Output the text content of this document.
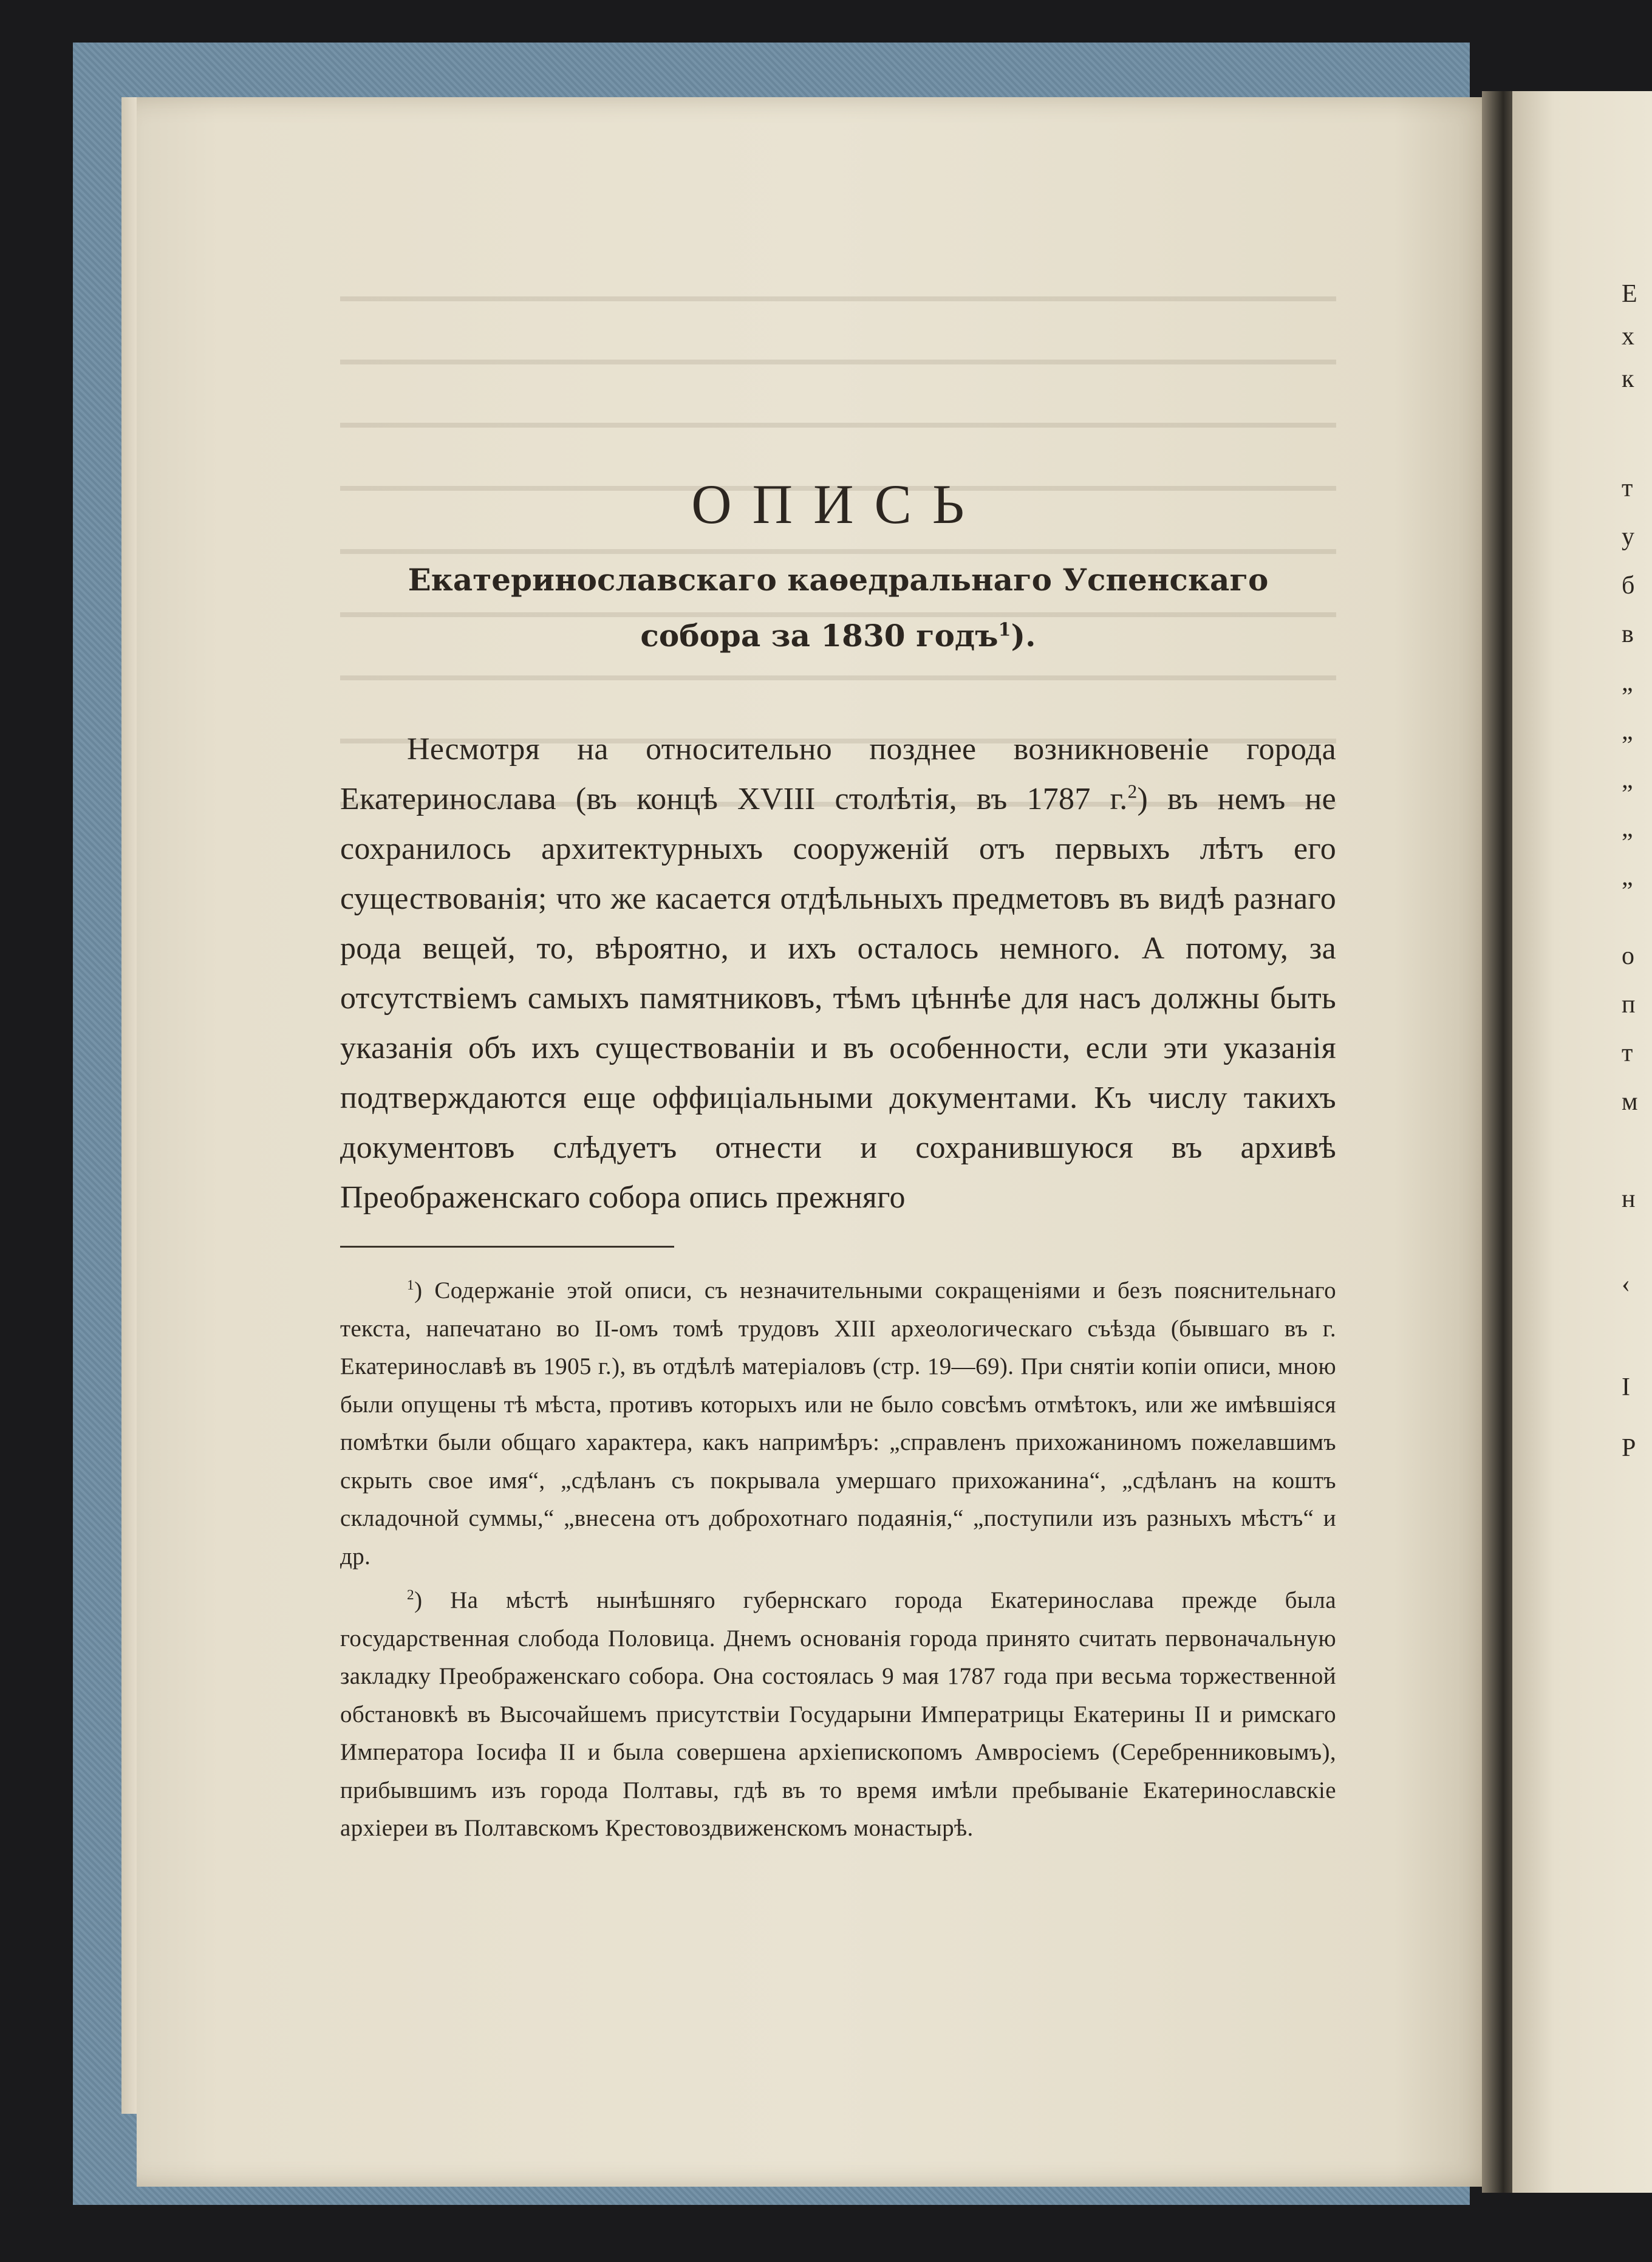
Е
х
к
т
у
б
в
„
„
„
„
„
о
п
т
м
н
‹
І
Р
ОПИСЬ

Екатеринославскаго каѳедральнаго Успенскаго
собора за 1830 годъ$^1$).

Несмотря на относительно позднее возникновеніе города Екатеринослава (въ концѣ XVIII столѣтія, въ 1787 г.$^2$) въ немъ не сохранилось архитектурныхъ сооруженій отъ первыхъ лѣтъ его существованія; что же касается отдѣльныхъ предметовъ въ видѣ разнаго рода вещей, то, вѣроятно, и ихъ осталось немного. А потому, за отсутствіемъ самыхъ памятниковъ, тѣмъ цѣннѣе для насъ должны быть указанія объ ихъ существованіи и въ особенности, если эти указанія подтверждаются еще оффиціальными документами. Къ числу такихъ документовъ слѣдуетъ отнести и сохранившуюся въ архивѣ Преображенскаго собора опись прежняго

$^1$) Содержаніе этой описи, съ незначительными сокращеніями и безъ пояснительнаго текста, напечатано во II-омъ томѣ трудовъ XIII археологическаго съѣзда (бывшаго въ г. Екатеринославѣ въ 1905 г.), въ отдѣлѣ матеріаловъ (стр. 19—69). При снятіи копіи описи, мною были опущены тѣ мѣста, противъ которыхъ или не было совсѣмъ отмѣтокъ, или же имѣвшіяся помѣтки были общаго характера, какъ напримѣръ: „справленъ прихожаниномъ пожелавшимъ скрыть свое имя“, „сдѣланъ съ покрывала умершаго прихожанина“, „сдѣланъ на коштъ складочной суммы,“ „внесена отъ доброхотнаго подаянія,“ „поступили изъ разныхъ мѣстъ“ и др.

$^2$) На мѣстѣ нынѣшняго губернскаго города Екатеринослава прежде была государственная слобода Половица. Днемъ основанія города принято считать первоначальную закладку Преображенскаго собора. Она состоялась 9 мая 1787 года при весьма торжественной обстановкѣ въ Высочайшемъ присутствіи Государыни Императрицы Екатерины II и римскаго Императора Іосифа II и была совершена архіепископомъ Амвросіемъ (Серебренниковымъ), прибывшимъ изъ города Полтавы, гдѣ въ то время имѣли пребываніе Екатеринославскіе архіереи въ Полтавскомъ Крестовоздвиженскомъ монастырѣ.
